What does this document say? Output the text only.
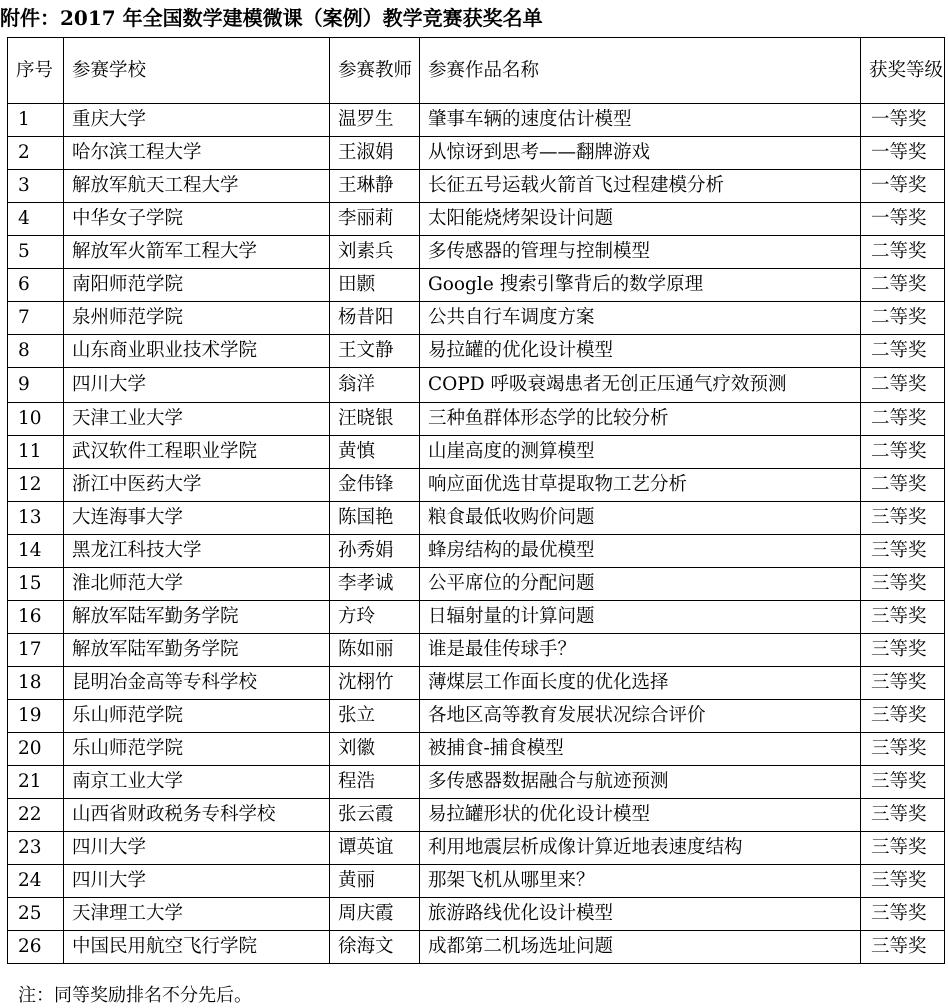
附件：2017 年全国数学建模微课（案例）教学竞赛获奖名单
序号	参赛学校	参赛教师	参赛作品名称	获奖等级
1	重庆大学	温罗生	肇事车辆的速度估计模型	一等奖
2	哈尔滨工程大学	王淑娟	从惊讶到思考——翻牌游戏	一等奖
3	解放军航天工程大学	王琳静	长征五号运载火箭首飞过程建模分析	一等奖
4	中华女子学院	李丽莉	太阳能烧烤架设计问题	一等奖
5	解放军火箭军工程大学	刘素兵	多传感器的管理与控制模型	二等奖
6	南阳师范学院	田颢	Google 搜索引擎背后的数学原理	二等奖
7	泉州师范学院	杨昔阳	公共自行车调度方案	二等奖
8	山东商业职业技术学院	王文静	易拉罐的优化设计模型	二等奖
9	四川大学	翁洋	COPD 呼吸衰竭患者无创正压通气疗效预测	二等奖
10	天津工业大学	汪晓银	三种鱼群体形态学的比较分析	二等奖
11	武汉软件工程职业学院	黄慎	山崖高度的测算模型	二等奖
12	浙江中医药大学	金伟锋	响应面优选甘草提取物工艺分析	二等奖
13	大连海事大学	陈国艳	粮食最低收购价问题	三等奖
14	黑龙江科技大学	孙秀娟	蜂房结构的最优模型	三等奖
15	淮北师范大学	李孝诚	公平席位的分配问题	三等奖
16	解放军陆军勤务学院	方玲	日辐射量的计算问题	三等奖
17	解放军陆军勤务学院	陈如丽	谁是最佳传球手？	三等奖
18	昆明冶金高等专科学校	沈栩竹	薄煤层工作面长度的优化选择	三等奖
19	乐山师范学院	张立	各地区高等教育发展状况综合评价	三等奖
20	乐山师范学院	刘徽	被捕食-捕食模型	三等奖
21	南京工业大学	程浩	多传感器数据融合与航迹预测	三等奖
22	山西省财政税务专科学校	张云霞	易拉罐形状的优化设计模型	三等奖
23	四川大学	谭英谊	利用地震层析成像计算近地表速度结构	三等奖
24	四川大学	黄丽	那架飞机从哪里来？	三等奖
25	天津理工大学	周庆霞	旅游路线优化设计模型	三等奖
26	中国民用航空飞行学院	徐海文	成都第二机场选址问题	三等奖
注：同等奖励排名不分先后。
